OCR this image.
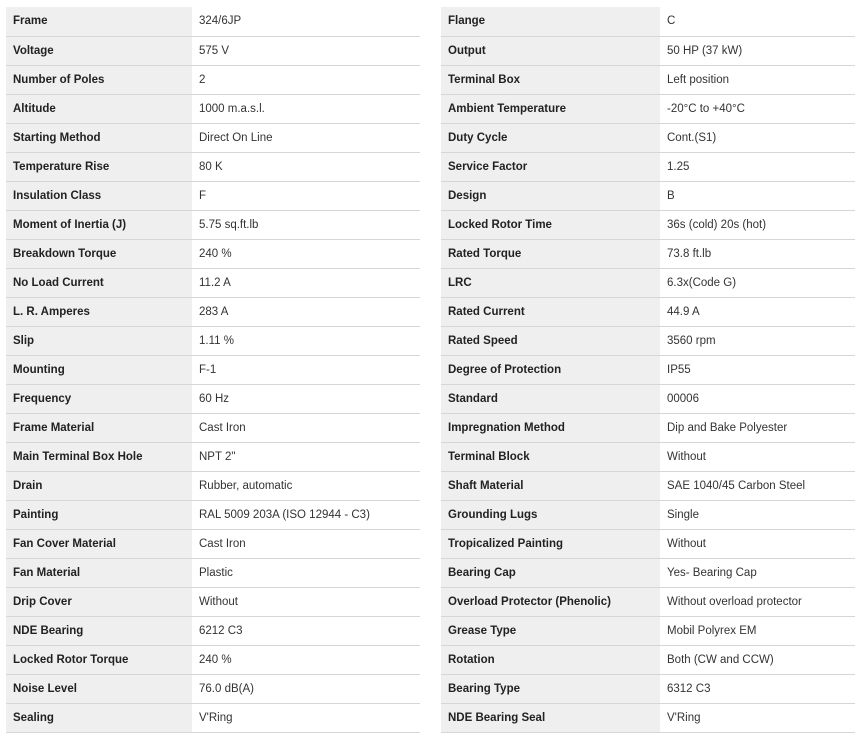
Frame	324/6JP
Voltage	575 V
Number of Poles	2
Altitude	1000 m.a.s.l.
Starting Method	Direct On Line
Temperature Rise	80 K
Insulation Class	F
Moment of Inertia (J)	5.75 sq.ft.lb
Breakdown Torque	240 %
No Load Current	11.2 A
L. R. Amperes	283 A
Slip	1.11 %
Mounting	F-1
Frequency	60 Hz
Frame Material	Cast Iron
Main Terminal Box Hole	NPT 2"
Drain	Rubber, automatic
Painting	RAL 5009 203A (ISO 12944 - C3)
Fan Cover Material	Cast Iron
Fan Material	Plastic
Drip Cover	Without
NDE Bearing	6212 C3
Locked Rotor Torque	240 %
Noise Level	76.0 dB(A)
Sealing	V'Ring
Flange	C
Output	50 HP (37 kW)
Terminal Box	Left position
Ambient Temperature	-20°C to +40°C
Duty Cycle	Cont.(S1)
Service Factor	1.25
Design	B
Locked Rotor Time	36s (cold) 20s (hot)
Rated Torque	73.8 ft.lb
LRC	6.3x(Code G)
Rated Current	44.9 A
Rated Speed	3560 rpm
Degree of Protection	IP55
Standard	00006
Impregnation Method	Dip and Bake Polyester
Terminal Block	Without
Shaft Material	SAE 1040/45 Carbon Steel
Grounding Lugs	Single
Tropicalized Painting	Without
Bearing Cap	Yes- Bearing Cap
Overload Protector (Phenolic)	Without overload protector
Grease Type	Mobil Polyrex EM
Rotation	Both (CW and CCW)
Bearing Type	6312 C3
NDE Bearing Seal	V'Ring
